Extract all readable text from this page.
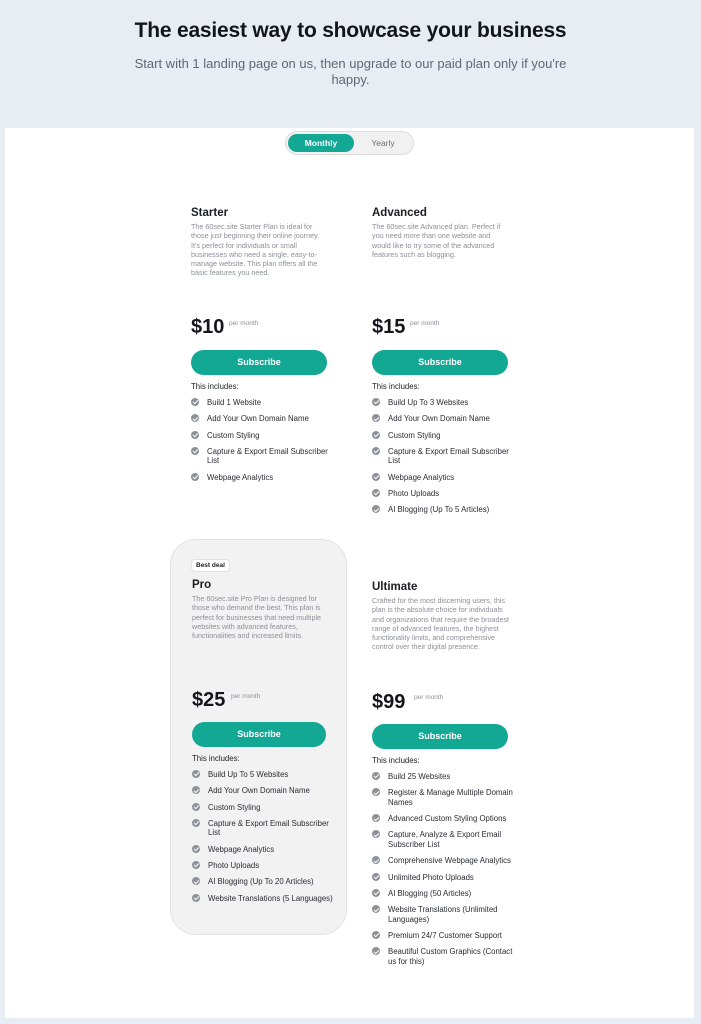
The easiest way to showcase your business

Start with 1 landing page on us, then upgrade to our paid plan only if you're happy.

Yearly
Monthly
Best deal
Starter
The 60sec.site Starter Plan is ideal for those just beginning their online journey. It's perfect for individuals or small businesses who need a single, easy-to-manage website. This plan offers all the basic features you need.
$10 per month
Subscribe
This includes:
Build 1 Website
Add Your Own Domain Name
Custom Styling
Capture & Export Email Subscriber List
Webpage Analytics
Advanced
The 60sec.site Advanced plan. Perfect if you need more than one website and would like to try some of the advanced features such as blogging.
$15 per month
Subscribe
This includes:
Build Up To 3 Websites
Add Your Own Domain Name
Custom Styling
Capture & Export Email Subscriber List
Webpage Analytics
Photo Uploads
AI Blogging (Up To 5 Articles)
Pro
The 60sec.site Pro Plan is designed for those who demand the best. This plan is perfect for businesses that need multiple websites with advanced features, functionalities and increased limits.
$25 per month
Subscribe
This includes:
Build Up To 5 Websites
Add Your Own Domain Name
Custom Styling
Capture & Export Email Subscriber List
Webpage Analytics
Photo Uploads
AI Blogging (Up To 20 Articles)
Website Translations (5 Languages)
Ultimate
Crafted for the most discerning users, this plan is the absolute choice for individuals and organizations that require the broadest range of advanced features, the highest functionality limits, and comprehensive control over their digital presence.
$99 per month
Subscribe
This includes:
Build 25 Websites
Register & Manage Multiple Domain Names
Advanced Custom Styling Options
Capture, Analyze & Export Email Subscriber List
Comprehensive Webpage Analytics
Unlimited Photo Uploads
AI Blogging (50 Articles)
Website Translations (Unlimited Languages)
Premium 24/7 Customer Support
Beautiful Custom Graphics (Contact us for this)
